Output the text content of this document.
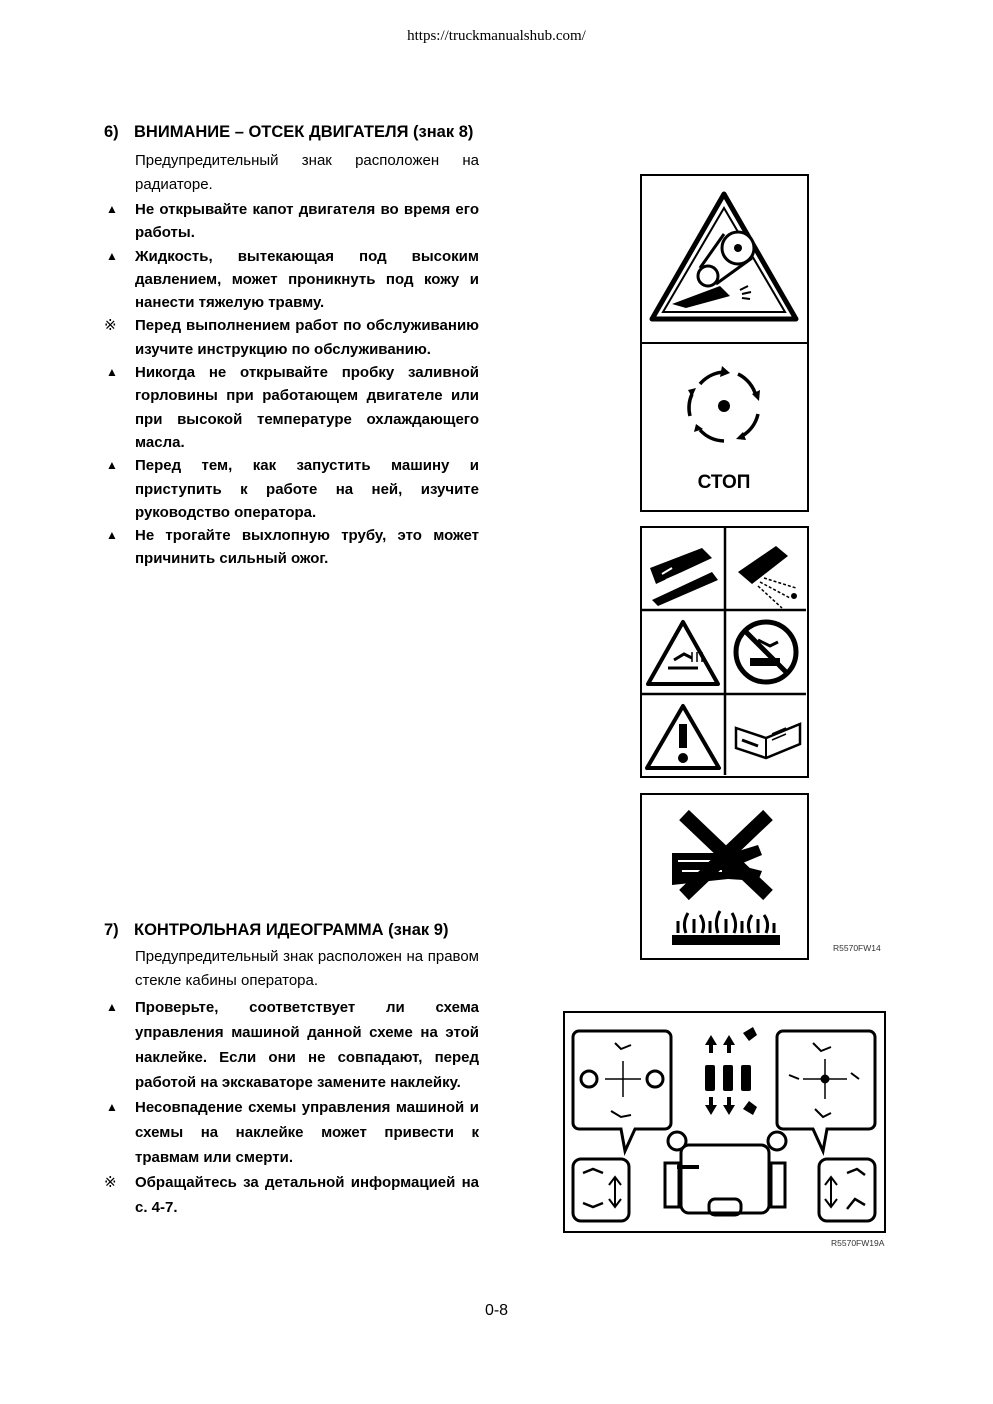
https://truckmanualshub.com/
6) ВНИМАНИЕ – ОТСЕК ДВИГАТЕЛЯ (знак 8)
Предупредительный знак расположен на радиаторе.
▲	Не открывайте капот двигателя во время его работы.
▲	Жидкость, вытекающая под высоким давлением, может проникнуть под кожу и нанести тяжелую травму.
※	Перед выполнением работ по обслуживанию изучите инструкцию по обслуживанию.
▲	Никогда не открывайте пробку заливной горловины при работающем двигателе или при высокой температуре охлаждающего масла.
▲	Перед тем, как запустить машину и приступить к работе на ней, изучите руководство оператора.
▲	Не трогайте выхлопную трубу, это может причинить сильный ожог.
7) КОНТРОЛЬНАЯ ИДЕОГРАММА (знак 9)
Предупредительный знак расположен на правом стекле кабины оператора.
▲	Проверьте, соответствует ли схема управления машиной данной схеме на этой наклейке. Если они не совпадают, перед работой на экскаваторе замените наклейку.
▲	Несовпадение схемы управления машиной и схемы на наклейке может привести к травмам или смерти.
※	Обращайтесь за детальной информацией на с. 4-7.
СТОП
R5570FW14
R5570FW19A
0-8
